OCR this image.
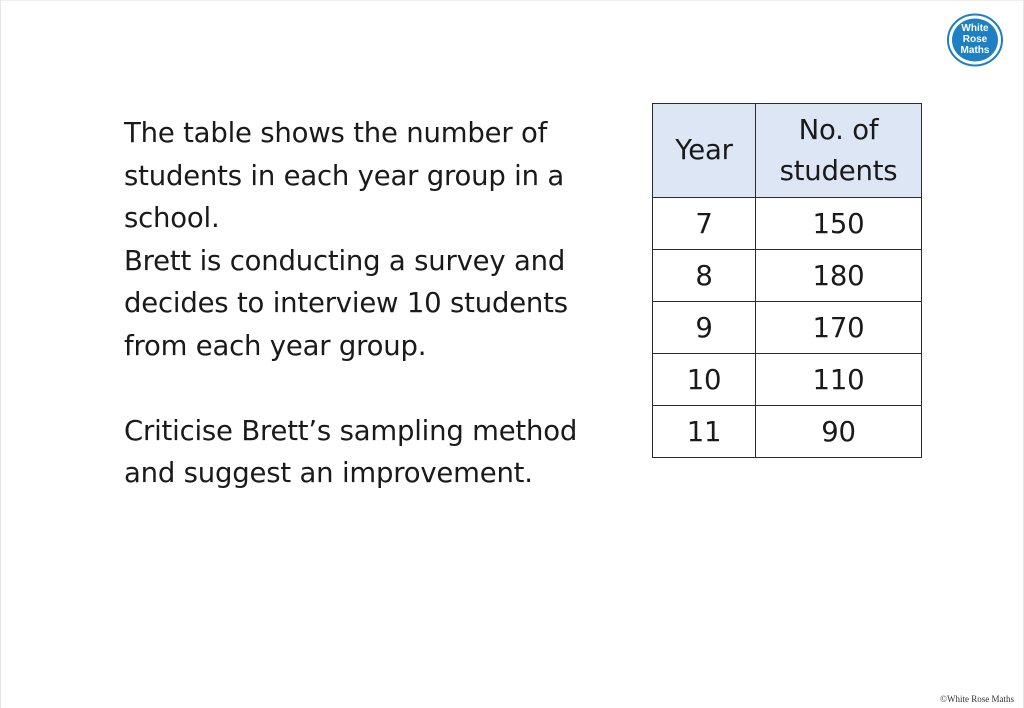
White
Rose
Maths

The table shows the number of

students in each year group in a

school.

Brett is conducting a survey and

decides to interview 10 students

from each year group.

Criticise Brett’s sampling method

and suggest an improvement.

Year	No. of
students
7	150
8	180
9	170
10	110
11	90
©White Rose Maths
